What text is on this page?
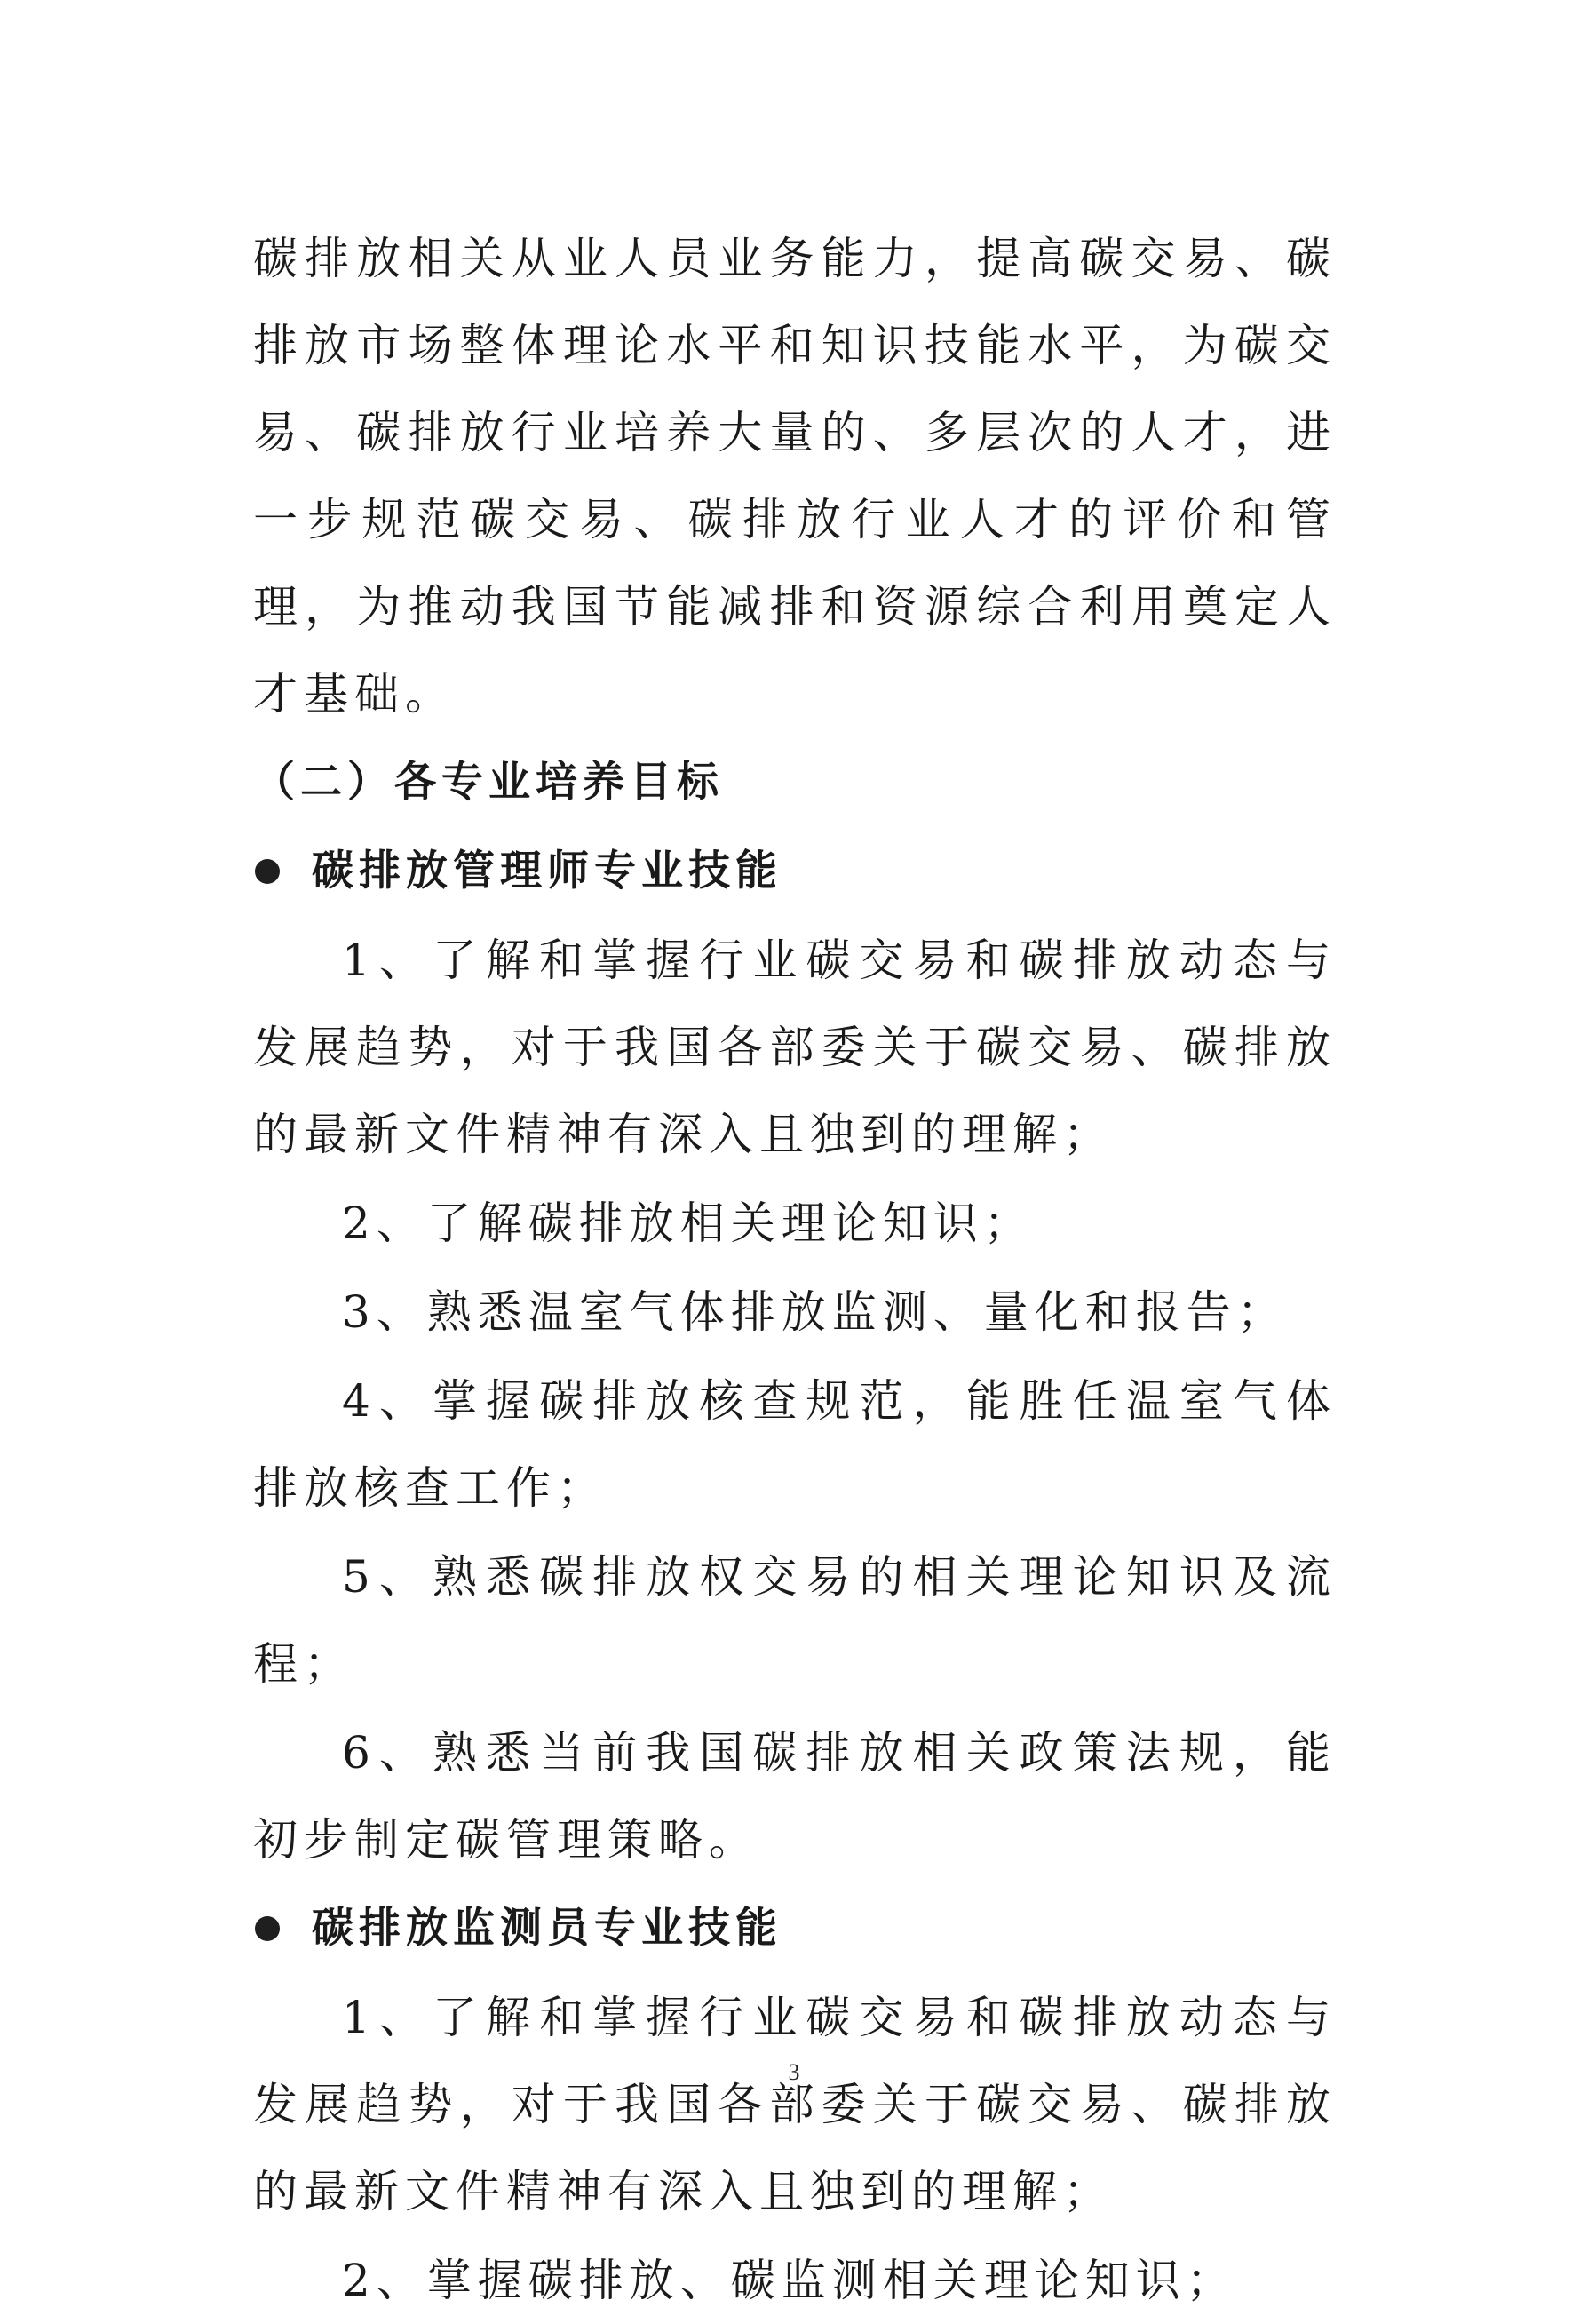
碳排放相关从业人员业务能力，提高碳交易、碳排放市场整体理论水平和知识技能水平，为碳交易、碳排放行业培养大量的、多层次的人才，进一步规范碳交易、碳排放行业人才的评价和管理，为推动我国节能减排和资源综合利用奠定人才基础。

（二）各专业培养目标

碳排放管理师专业技能

1、了解和掌握行业碳交易和碳排放动态与发展趋势，对于我国各部委关于碳交易、碳排放的最新文件精神有深入且独到的理解；

2、了解碳排放相关理论知识；

3、熟悉温室气体排放监测、量化和报告；

4、掌握碳排放核查规范，能胜任温室气体排放核查工作；

5、熟悉碳排放权交易的相关理论知识及流程；

6、熟悉当前我国碳排放相关政策法规，能初步制定碳管理策略。

碳排放监测员专业技能

1、了解和掌握行业碳交易和碳排放动态与发展趋势，对于我国各部委关于碳交易、碳排放的最新文件精神有深入且独到的理解；

2、掌握碳排放、碳监测相关理论知识；

3
